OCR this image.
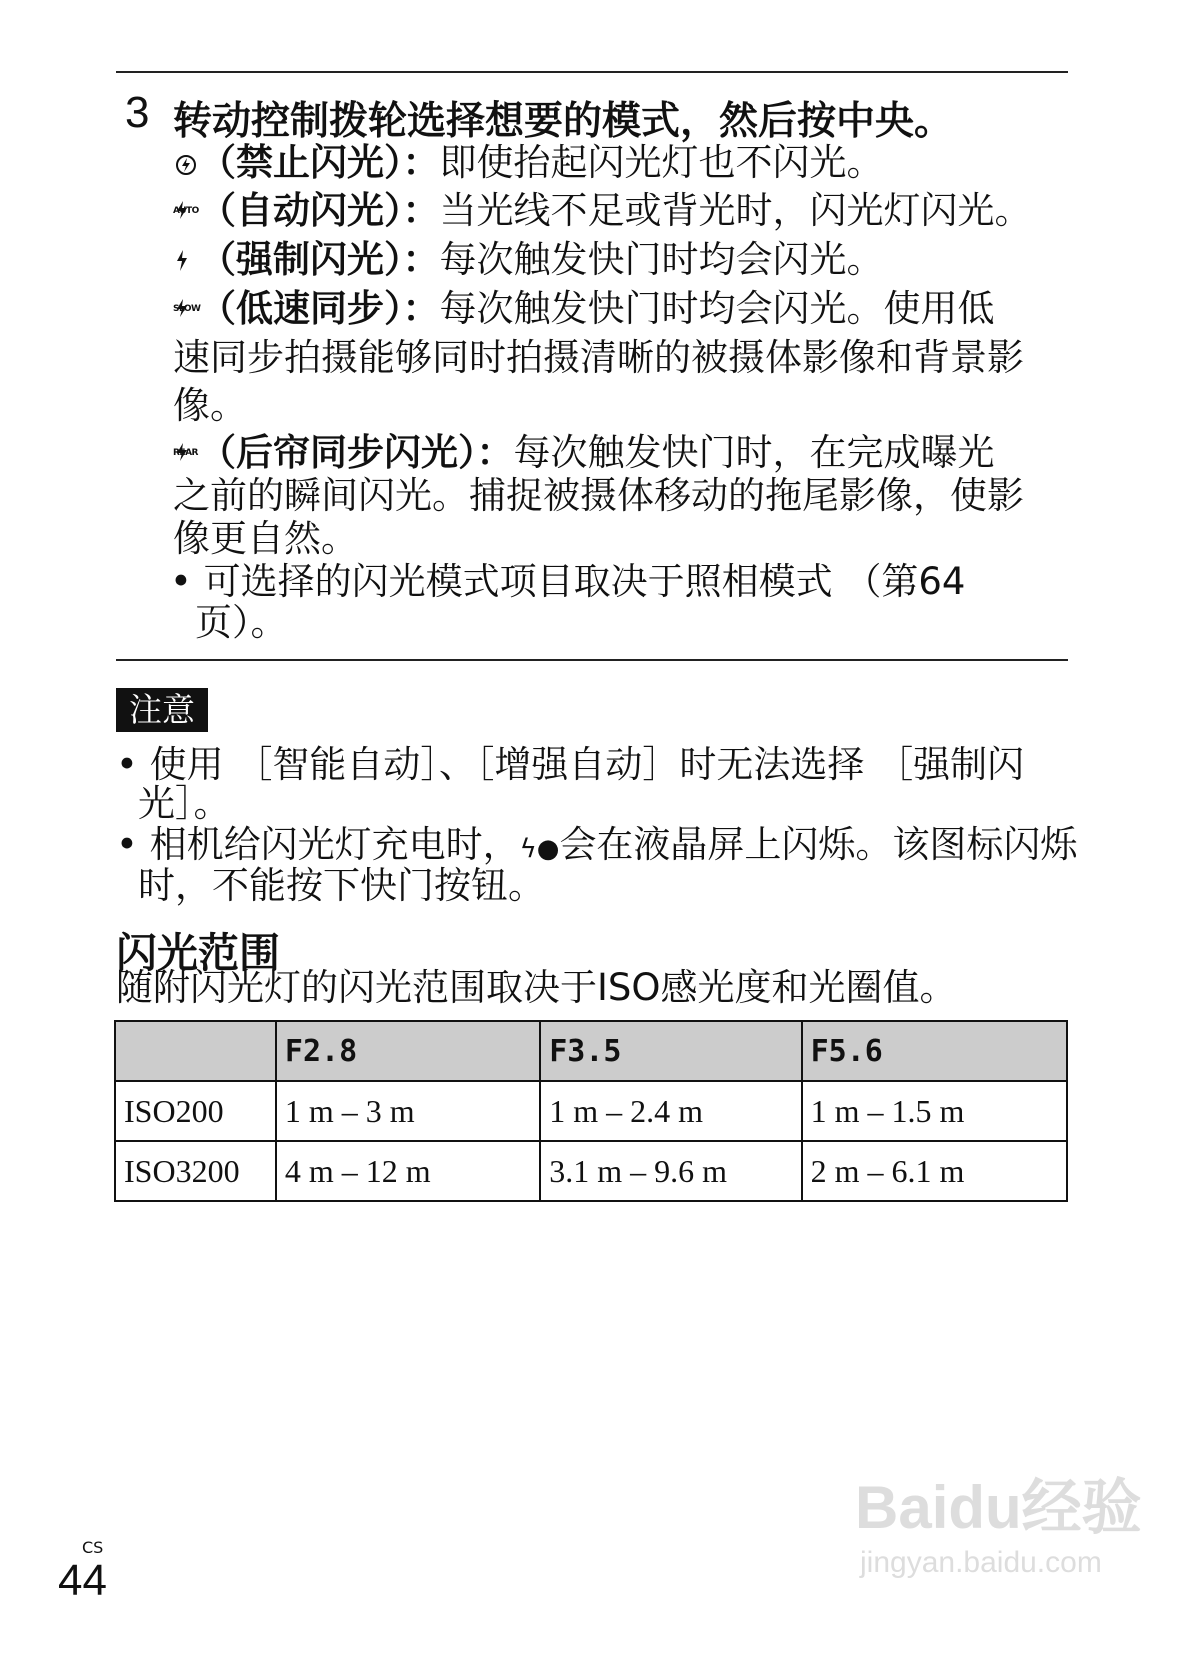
3 转动控制拨轮选择想要的模式，然后按中央。
（禁止闪光）：即使抬起闪光灯也不闪光。
AUTO （自动闪光）：当光线不足或背光时，闪光灯闪光。
（强制闪光）：每次触发快门时均会闪光。
SLOW
（低速同步）：每次触发快门时均会闪光。使用低
速同步拍摄能够同时拍摄清晰的被摄体影像和背景影
像。
REAR （后帘同步闪光）：每次触发快门时，在完成曝光
之前的瞬间闪光。捕捉被摄体移动的拖尾影像，使影
像更自然。
• 可选择的闪光模式项目取决于照相模式 （第64
页）。
注意
• 使用 ［智能自动］、［增强自动］时无法选择 ［强制闪
光］。
• 相机给闪光灯充电时，ϟ●会在液晶屏上闪烁。该图标闪烁
时，不能按下快门按钮。
闪光范围
随附闪光灯的闪光范围取决于ISO感光度和光圈值。
	F2.8	F3.5	F5.6
ISO200	1 m – 3 m	1 m – 2.4 m	1 m – 1.5 m
ISO3200	4 m – 12 m	3.1 m – 9.6 m	2 m – 6.1 m
CS
44
Baidu经验
jingyan.baidu.com
